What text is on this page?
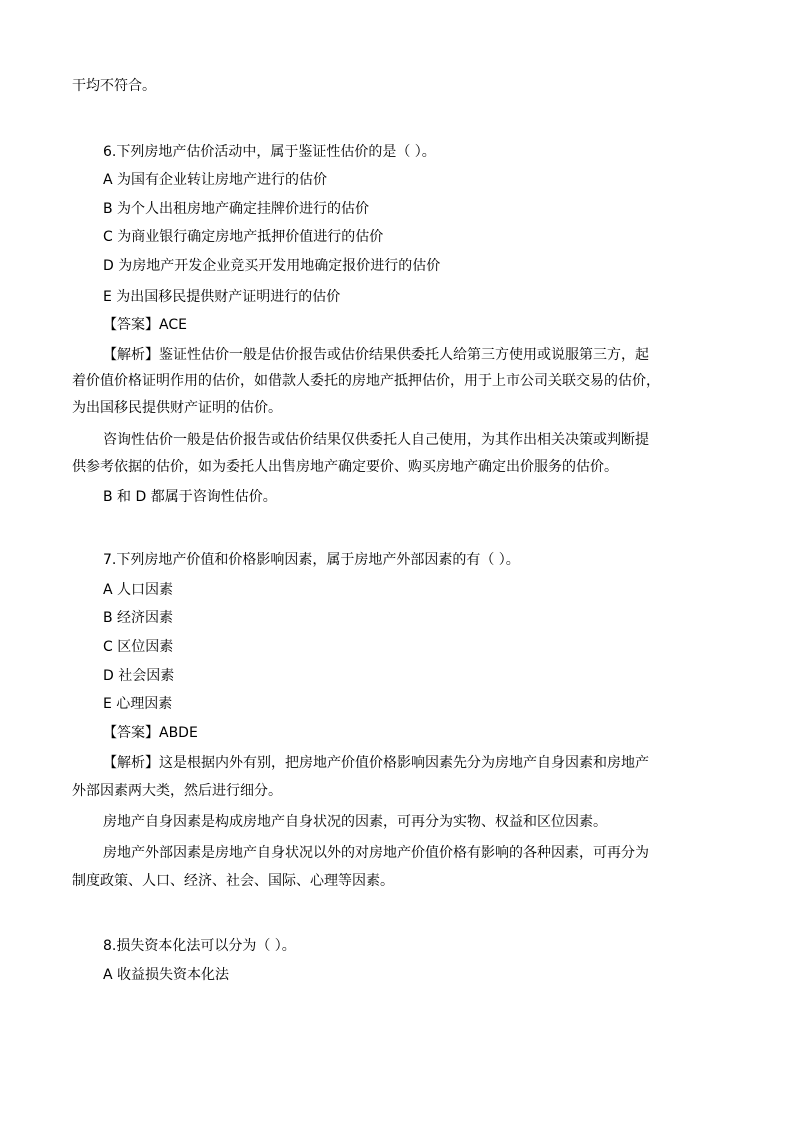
干均不符合。
6.下列房地产估价活动中，属于鉴证性估价的是（ ）。
A 为国有企业转让房地产进行的估价
B 为个人出租房地产确定挂牌价进行的估价
C 为商业银行确定房地产抵押价值进行的估价
D 为房地产开发企业竞买开发用地确定报价进行的估价
E 为出国移民提供财产证明进行的估价
【答案】ACE
【解析】鉴证性估价一般是估价报告或估价结果供委托人给第三方使用或说服第三方，起
着价值价格证明作用的估价，如借款人委托的房地产抵押估价，用于上市公司关联交易的估价，
为出国移民提供财产证明的估价。
咨询性估价一般是估价报告或估价结果仅供委托人自己使用，为其作出相关决策或判断提
供参考依据的估价，如为委托人出售房地产确定要价、购买房地产确定出价服务的估价。
B 和 D 都属于咨询性估价。
7.下列房地产价值和价格影响因素，属于房地产外部因素的有（ ）。
A 人口因素
B 经济因素
C 区位因素
D 社会因素
E 心理因素
【答案】ABDE
【解析】这是根据内外有别，把房地产价值价格影响因素先分为房地产自身因素和房地产
外部因素两大类，然后进行细分。
房地产自身因素是构成房地产自身状况的因素，可再分为实物、权益和区位因素。
房地产外部因素是房地产自身状况以外的对房地产价值价格有影响的各种因素，可再分为
制度政策、人口、经济、社会、国际、心理等因素。
8.损失资本化法可以分为（ ）。
A 收益损失资本化法
